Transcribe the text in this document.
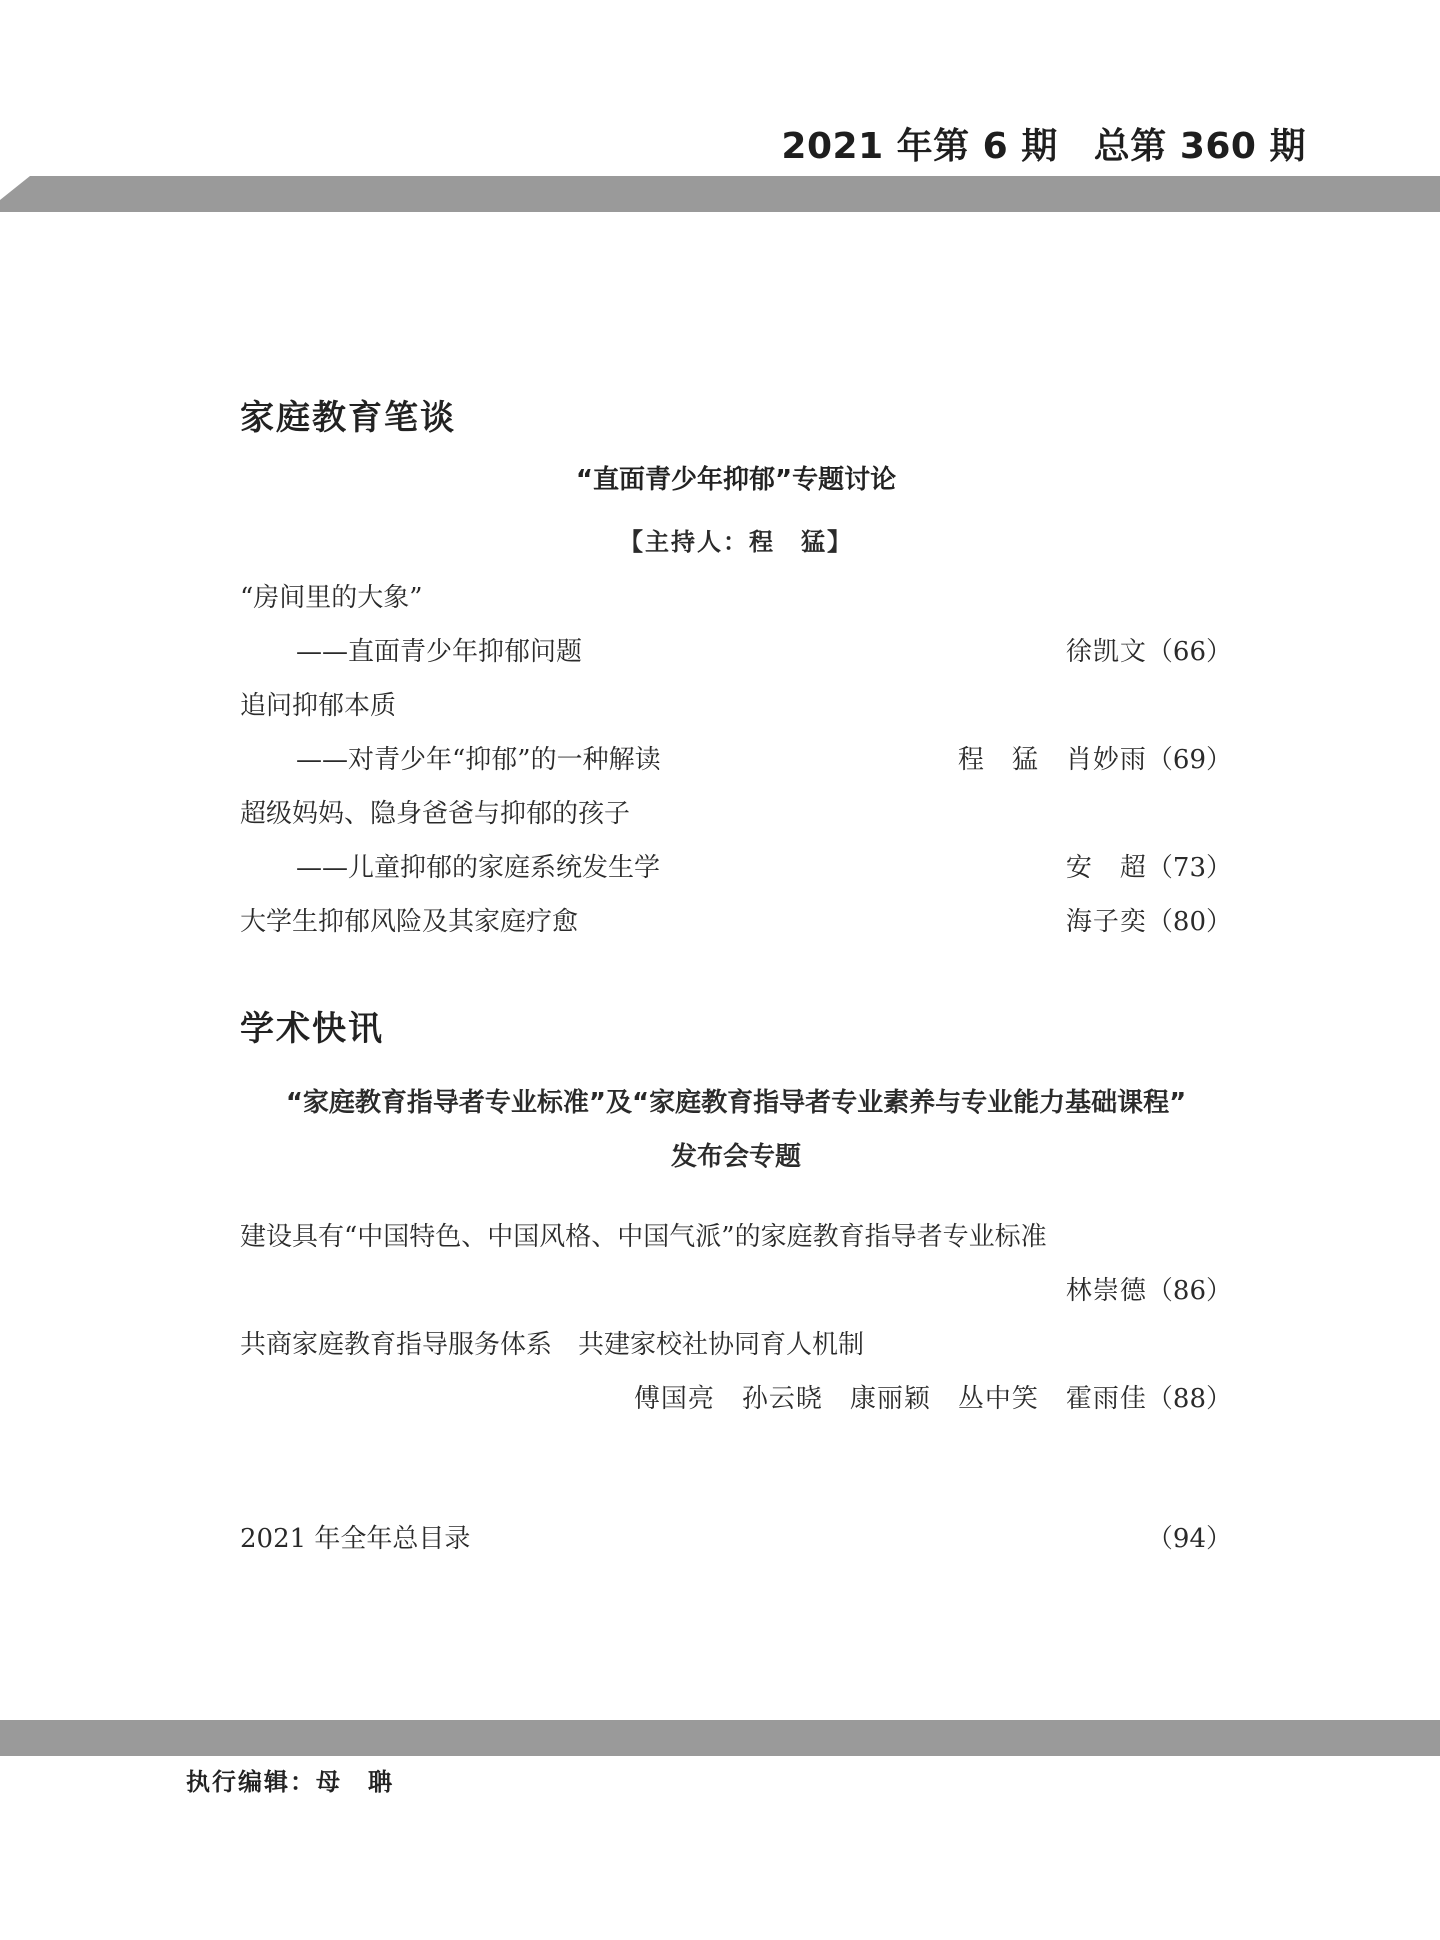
2021 年第 6 期 总第 360 期
家庭教育笔谈
“直面青少年抑郁”专题讨论
【主持人：程　猛】
“房间里的大象”
——直面青少年抑郁问题	徐凯文（66）
追问抑郁本质
——对青少年“抑郁”的一种解读	程　猛　肖妙雨（69）
超级妈妈、隐身爸爸与抑郁的孩子
——儿童抑郁的家庭系统发生学	安　超（73）
大学生抑郁风险及其家庭疗愈	海子奕（80）
学术快讯
“家庭教育指导者专业标准”及“家庭教育指导者专业素养与专业能力基础课程”
发布会专题
建设具有“中国特色、中国风格、中国气派”的家庭教育指导者专业标准
林崇德（86）
共商家庭教育指导服务体系　共建家校社协同育人机制
傅国亮　孙云晓　康丽颖　丛中笑　霍雨佳（88）
2021 年全年总目录	（94）
执行编辑：母　聃
